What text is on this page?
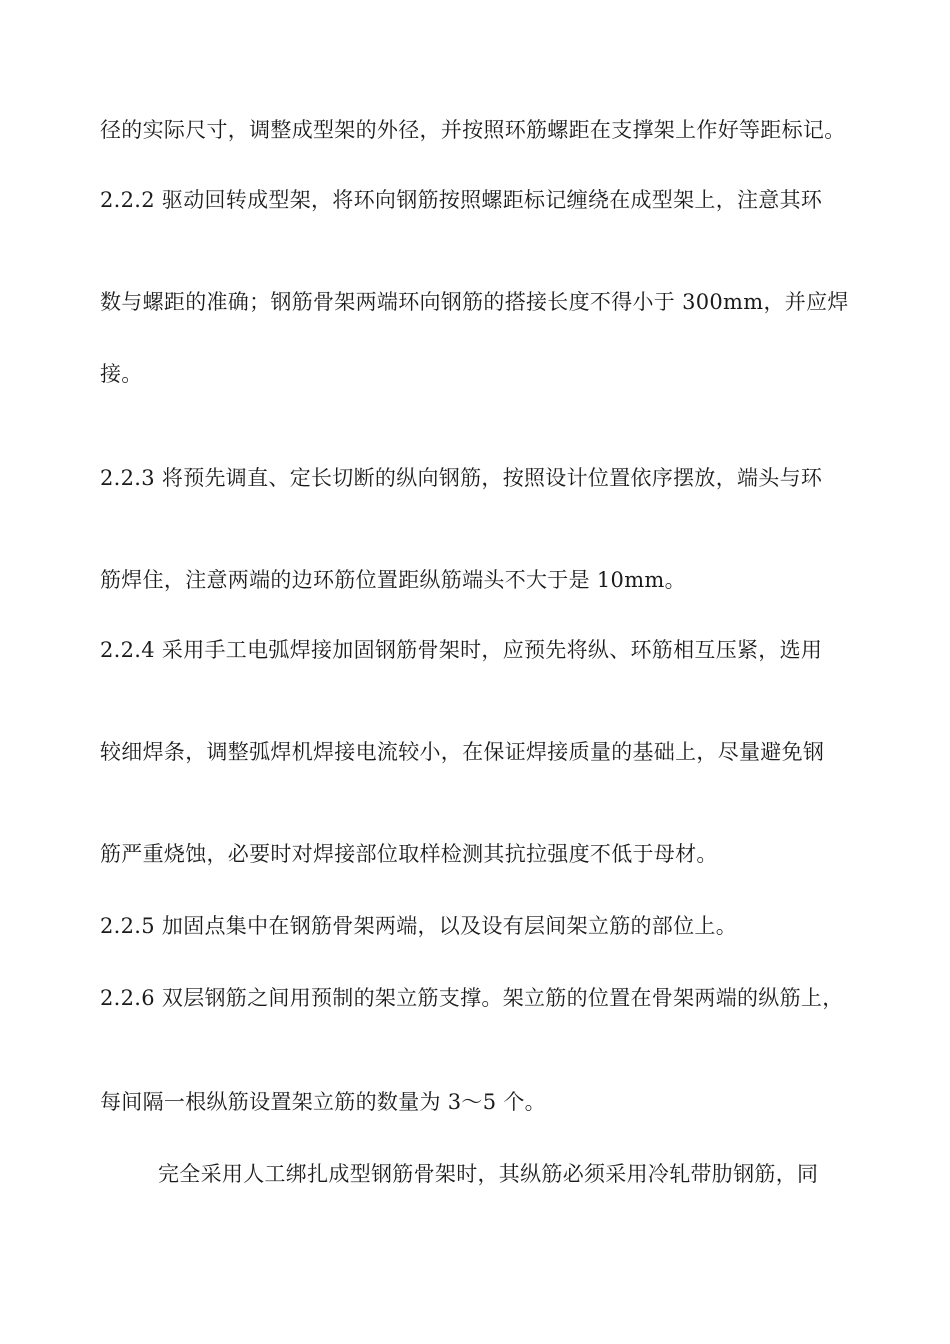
径的实际尺寸，调整成型架的外径，并按照环筋螺距在支撑架上作好等距标记。
2.2.2 驱动回转成型架，将环向钢筋按照螺距标记缠绕在成型架上，注意其环
数与螺距的准确；钢筋骨架两端环向钢筋的搭接长度不得小于 300mm，并应焊
接。
2.2.3 将预先调直、定长切断的纵向钢筋，按照设计位置依序摆放，端头与环
筋焊住，注意两端的边环筋位置距纵筋端头不大于是 10mm。
2.2.4 采用手工电弧焊接加固钢筋骨架时，应预先将纵、环筋相互压紧，选用
较细焊条，调整弧焊机焊接电流较小，在保证焊接质量的基础上，尽量避免钢
筋严重烧蚀，必要时对焊接部位取样检测其抗拉强度不低于母材。
2.2.5 加固点集中在钢筋骨架两端，以及设有层间架立筋的部位上。
2.2.6 双层钢筋之间用预制的架立筋支撑。架立筋的位置在骨架两端的纵筋上，
每间隔一根纵筋设置架立筋的数量为 3～5 个。
完全采用人工绑扎成型钢筋骨架时，其纵筋必须采用冷轧带肋钢筋，同
